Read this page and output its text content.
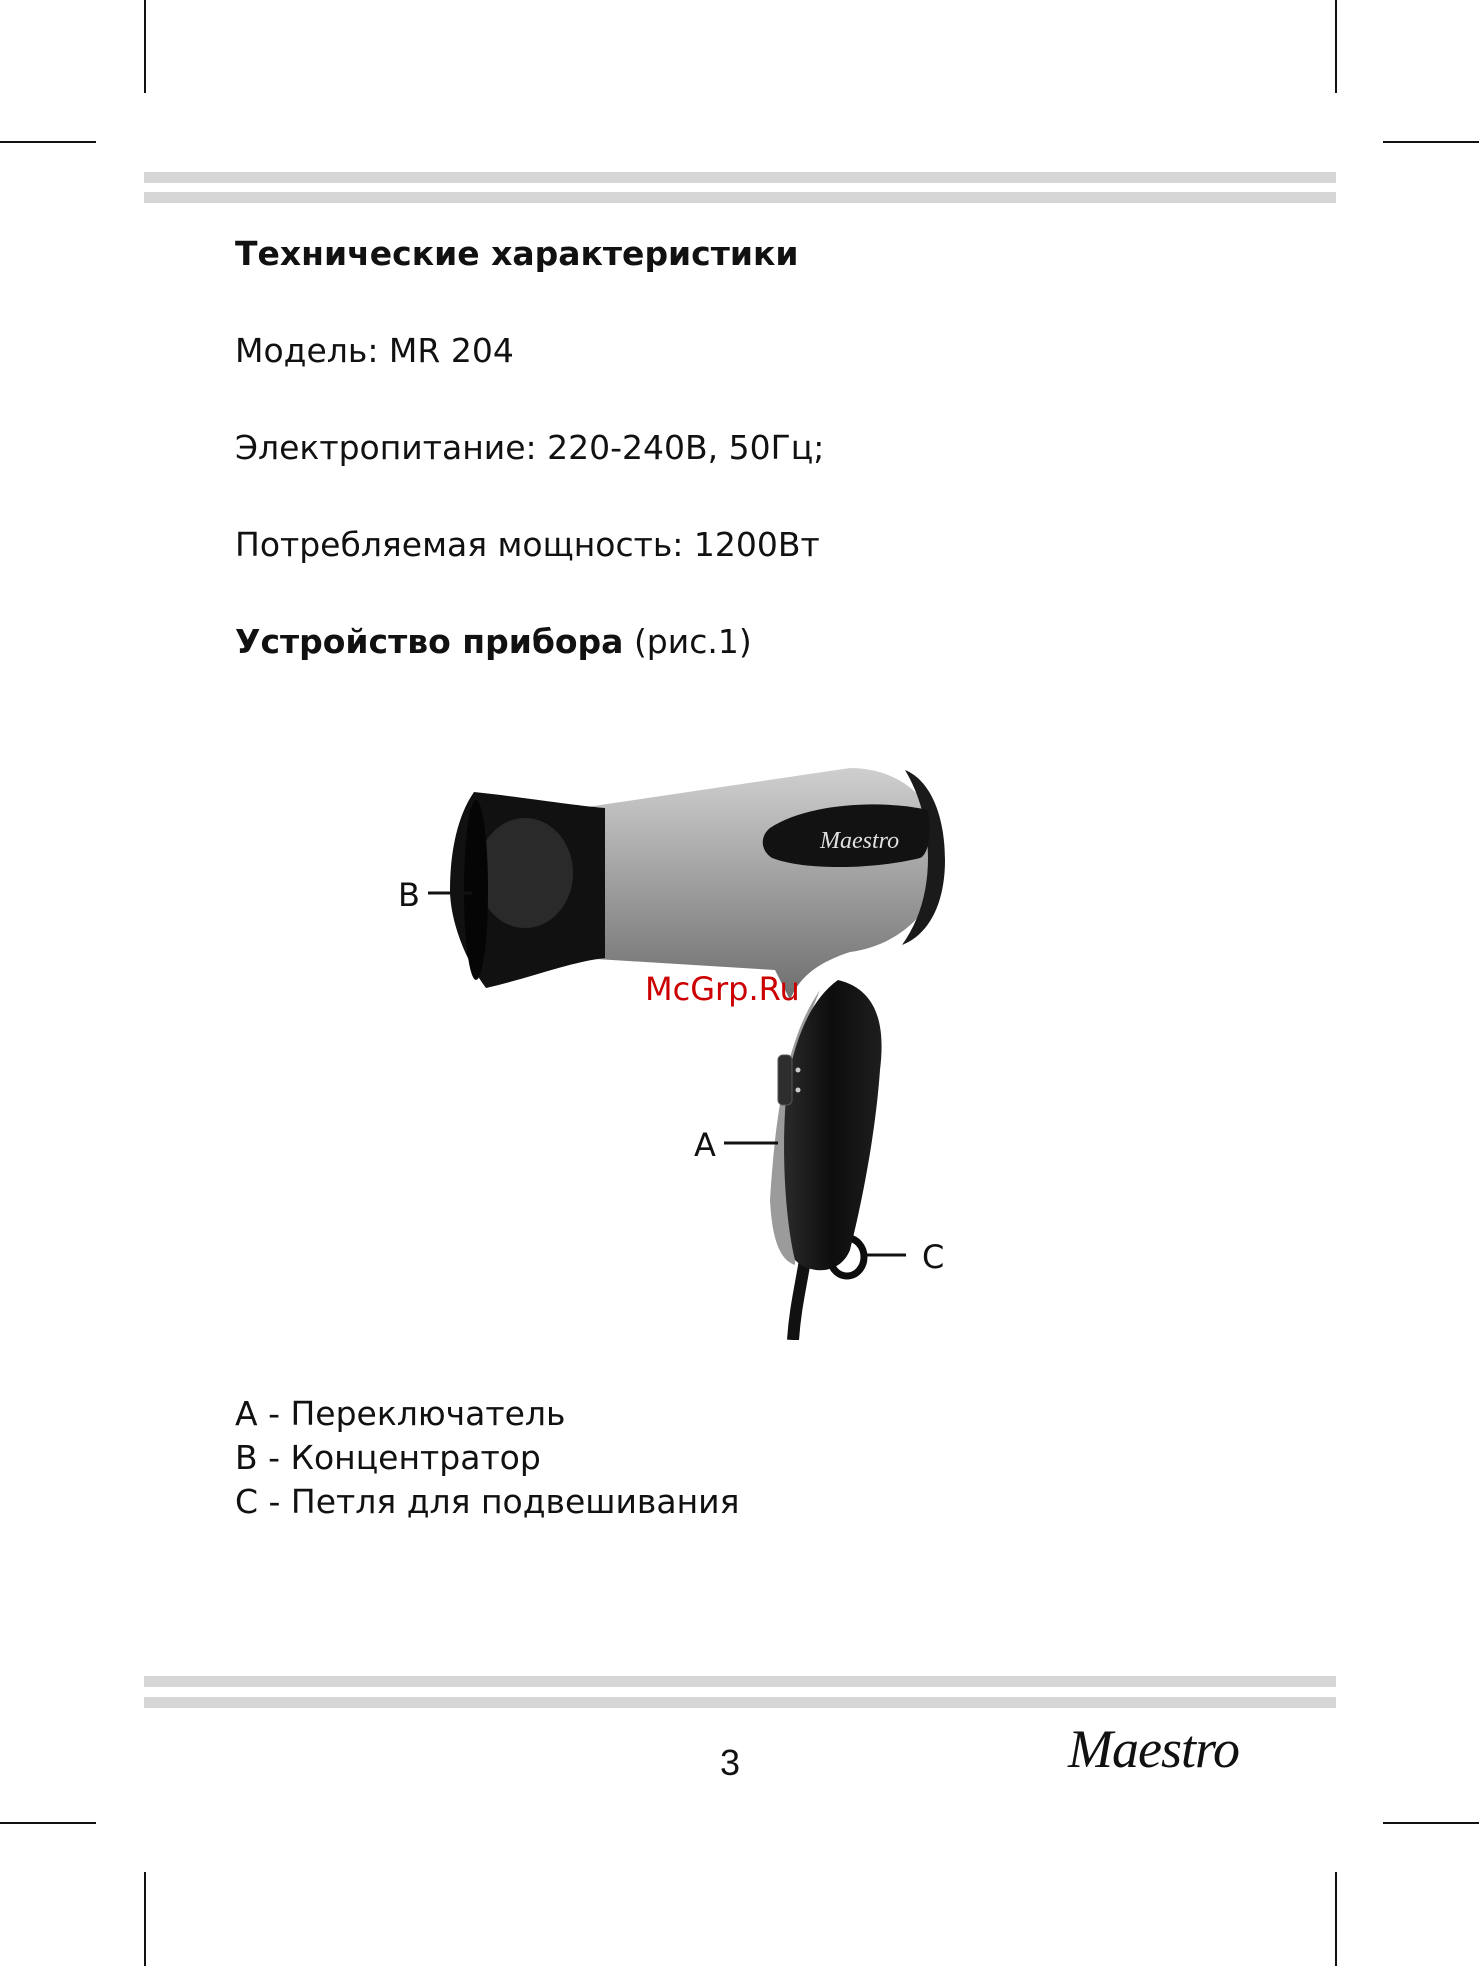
Технические характеристики
Модель: MR 204
Электропитание: 220-240В, 50Гц;
Потребляемая мощность: 1200Вт
Устройство прибора (рис.1)
Maestro
B
A
C
McGrp.Ru
A - Переключатель
B - Концентратор
C - Петля для подвешивания
3	Maestro
